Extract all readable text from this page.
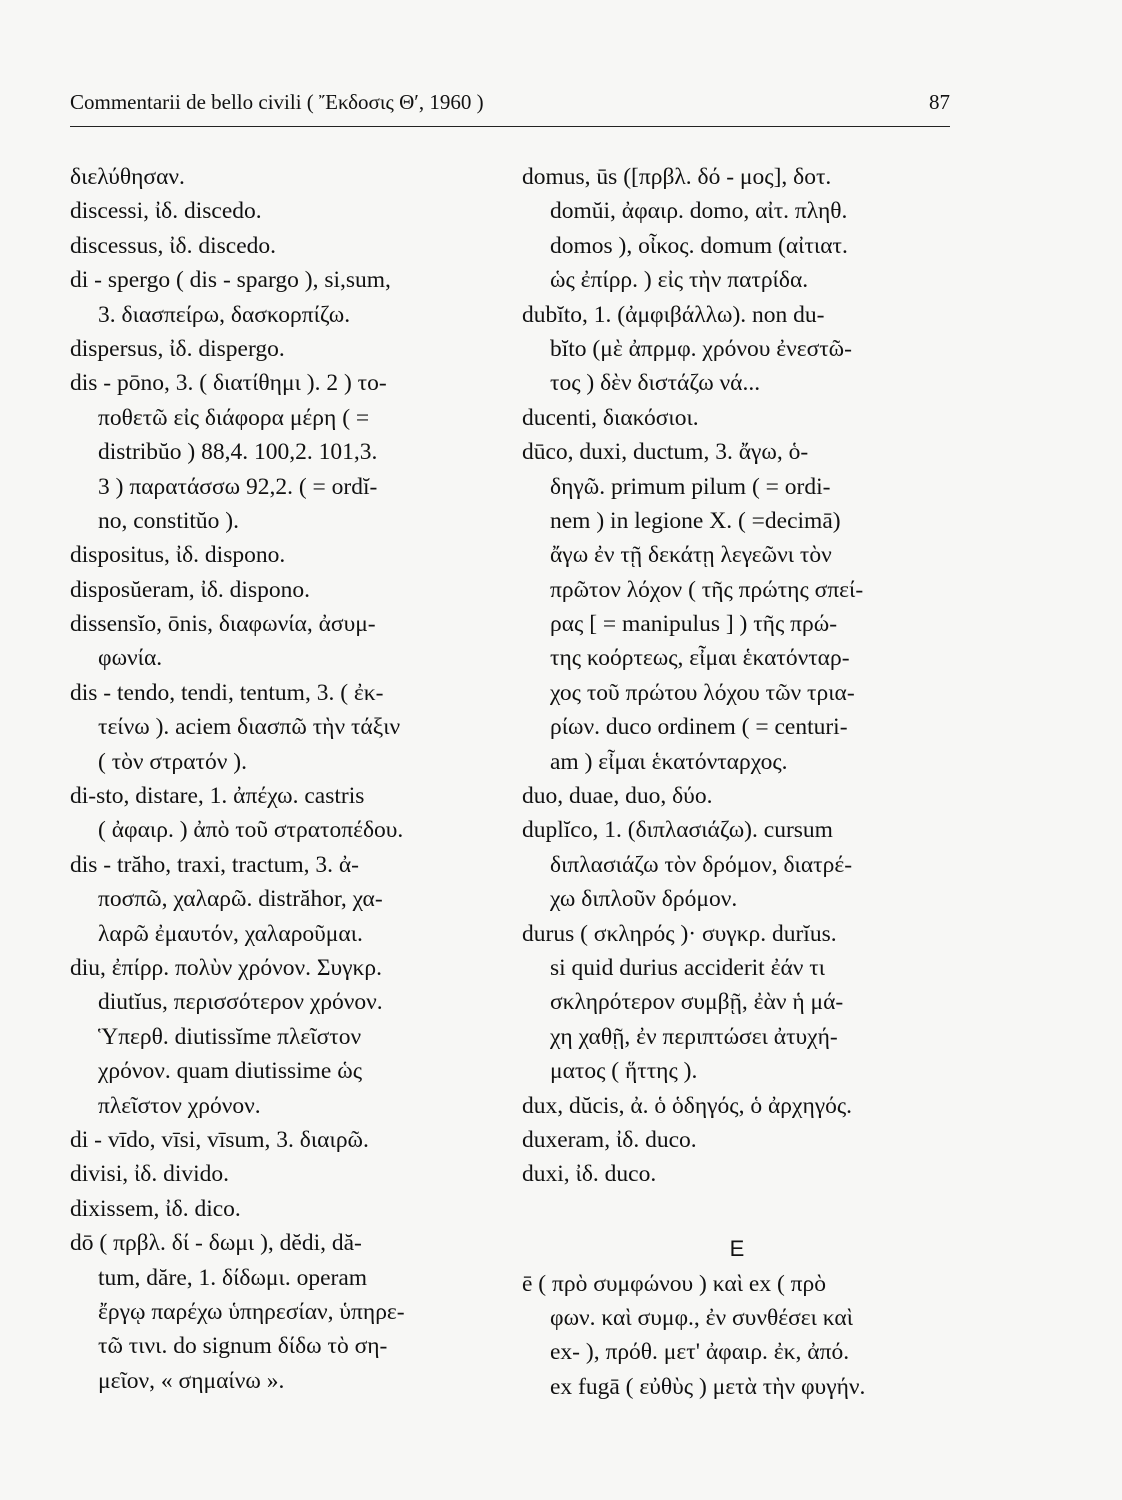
Commentarii de bello civili ( Ἔκδοσις Θ′, 1960 )	87
διελύθησαν.
discessi, ἰδ. discedo.
discessus, ἰδ. discedo.
di - spergo ( dis - spargo ), si,sum,
3. διασπείρω, δασκορπίζω.
dispersus, ἰδ. dispergo.
dis - pōno, 3. ( διατίθημι ). 2 ) το-
ποθετῶ εἰς διάφορα μέρη ( =
distribŭo ) 88,4. 100,2. 101,3.
3 ) παρατάσσω 92,2. ( = ordĭ-
no, constitŭo ).
dispositus, ἰδ. dispono.
disposŭeram, ἰδ. dispono.
dissensĭo, ōnis, διαφωνία, ἀσυμ-
φωνία.
dis - tendo, tendi, tentum, 3. ( ἐκ-
τείνω ). aciem διασπῶ τὴν τάξιν
( τὸν στρατόν ).
di-sto, distare, 1. ἀπέχω. castris
( ἀφαιρ. ) ἀπὸ τοῦ στρατοπέδου.
dis - trăho, traxi, tractum, 3. ἀ-
ποσπῶ, χαλαρῶ. distrăhor, χα-
λαρῶ ἐμαυτόν, χαλαροῦμαι.
diu, ἐπίρρ. πολὺν χρόνον. Συγκρ.
diutĭus, περισσότερον χρόνον.
Ὑπερθ. diutissĭme πλεῖστον
χρόνον. quam diutissime ὡς
πλεῖστον χρόνον.
di - vīdo, vīsi, vīsum, 3. διαιρῶ.
divisi, ἰδ. divido.
dixissem, ἰδ. dico.
dō ( πρβλ. δί - δωμι ), dĕdi, dă-
tum, dăre, 1. δίδωμι. operam
ἔργῳ παρέχω ὑπηρεσίαν, ὑπηρε-
τῶ τινι. do signum δίδω τὸ ση-
μεῖον, « σημαίνω ».
domus, ūs ([πρβλ. δό - μος], δοτ.
domŭi, ἀφαιρ. domo, αἰτ. πληθ.
domos ), οἶκος. domum (αἰτιατ.
ὡς ἐπίρρ. ) εἰς τὴν πατρίδα.
dubĭto, 1. (ἀμφιβάλλω). non du-
bĭto (μὲ ἀπρμφ. χρόνου ἐνεστῶ-
τος ) δὲν διστάζω νά...
ducenti, διακόσιοι.
dūco, duxi, ductum, 3. ἄγω, ὁ-
δηγῶ. primum pilum ( = ordi-
nem ) in legione X. ( =decimā)
ἄγω ἐν τῇ δεκάτῃ λεγεῶνι τὸν
πρῶτον λόχον ( τῆς πρώτης σπεί-
ρας [ = manipulus ] ) τῆς πρώ-
της κοόρτεως, εἶμαι ἑκατόνταρ-
χος τοῦ πρώτου λόχου τῶν τρια-
ρίων. duco ordinem ( = centuri-
am ) εἶμαι ἑκατόνταρχος.
duo, duae, duo, δύο.
duplĭco, 1. (διπλασιάζω). cursum
διπλασιάζω τὸν δρόμον, διατρέ-
χω διπλοῦν δρόμον.
durus ( σκληρός )· συγκρ. durĭus.
si quid durius acciderit ἐάν τι
σκληρότερον συμβῇ, ἐὰν ἡ μά-
χη χαθῇ, ἐν περιπτώσει ἀτυχή-
ματος ( ἥττης ).
dux, dŭcis, ἀ. ὁ ὁδηγός, ὁ ἀρχηγός.
duxeram, ἰδ. duco.
duxi, ἰδ. duco.
E
ē ( πρὸ συμφώνου ) καὶ ex ( πρὸ
φων. καὶ συμφ., ἐν συνθέσει καὶ
ex- ), πρόθ. μετ' ἀφαιρ. ἐκ, ἀπό.
ex fugā ( εὐθὺς ) μετὰ τὴν φυγήν.
